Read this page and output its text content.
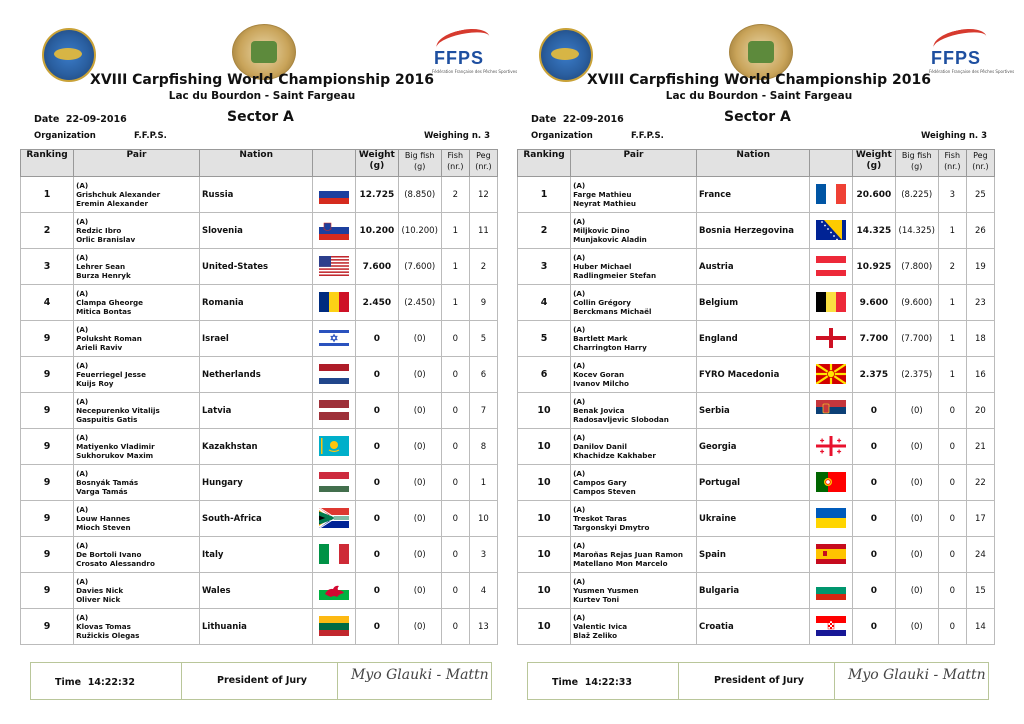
FFPS
Fédération Française des Pêches Sportives
XVIII Carpfishing World Championship 2016
Lac du Bourdon - Saint Fargeau
Date 22-09-2016	Sector A
Organization	F.F.P.S.	Weighing n. 3
Ranking	Pair	Nation		Weight (g)	Big fish (g)	Fish (nr.)	Peg (nr.)
1	(A)
Grishchuk Alexander
Eremin Alexander	Russia		12.725	(8.850)	2	12
2	(A)
Redzic Ibro
Orlic Branislav	Slovenia		10.200	(10.200)	1	11
3	(A)
Lehrer Sean
Burza Henryk	United-States		7.600	(7.600)	1	2
4	(A)
Clampa Gheorge
Mitica Bontas	Romania		2.450	(2.450)	1	9
9	(A)
Poluksht Roman
Arieli Raviv	Israel		0	(0)	0	5
9	(A)
Feuerriegel Jesse
Kuijs Roy	Netherlands		0	(0)	0	6
9	(A)
Necepurenko Vitalijs
Gaspuitis Gatis	Latvia		0	(0)	0	7
9	(A)
Matiyenko Vladimir
Sukhorukov Maxim	Kazakhstan		0	(0)	0	8
9	(A)
Bosnyák Tamás
Varga Tamás	Hungary		0	(0)	0	1
9	(A)
Louw Hannes
Mioch Steven	South-Africa		0	(0)	0	10
9	(A)
De Bortoli Ivano
Crosato Alessandro	Italy		0	(0)	0	3
9	(A)
Davies Nick
Oliver Nick	Wales		0	(0)	0	4
9	(A)
Klovas Tomas
Ružickis Olegas	Lithuania		0	(0)	0	13
Time 14:22:32	President of Jury	Myo Glauki - Mattn
FFPS
Fédération Française des Pêches Sportives
XVIII Carpfishing World Championship 2016
Lac du Bourdon - Saint Fargeau
Date 22-09-2016	Sector A
Organization	F.F.P.S.	Weighing n. 3
Ranking	Pair	Nation		Weight (g)	Big fish (g)	Fish (nr.)	Peg (nr.)
1	(A)
Farge Mathieu
Neyrat Mathieu	France		20.600	(8.225)	3	25
2	(A)
Miljkovic Dino
Munjakovic Aladin	Bosnia Herzegovina		14.325	(14.325)	1	26
3	(A)
Huber Michael
Radlingmeier Stefan	Austria		10.925	(7.800)	2	19
4	(A)
Collin Grégory
Berckmans Michaël	Belgium		9.600	(9.600)	1	23
5	(A)
Bartlett Mark
Charrington Harry	England		7.700	(7.700)	1	18
6	(A)
Kocev Goran
Ivanov Milcho	FYRO Macedonia		2.375	(2.375)	1	16
10	(A)
Benak Jovica
Radosavljevic Slobodan	Serbia		0	(0)	0	20
10	(A)
Danilov Danil
Khachidze Kakhaber	Georgia		0	(0)	0	21
10	(A)
Campos Gary
Campos Steven	Portugal		0	(0)	0	22
10	(A)
Treskot Taras
Targonskyi Dmytro	Ukraine		0	(0)	0	17
10	(A)
Maroñas Rejas Juan Ramon
Matellano Mon Marcelo	Spain		0	(0)	0	24
10	(A)
Yusmen Yusmen
Kurtev Toni	Bulgaria		0	(0)	0	15
10	(A)
Valentic Ivica
Blaž Zeliko	Croatia		0	(0)	0	14
Time 14:22:33	President of Jury	Myo Glauki - Mattn
